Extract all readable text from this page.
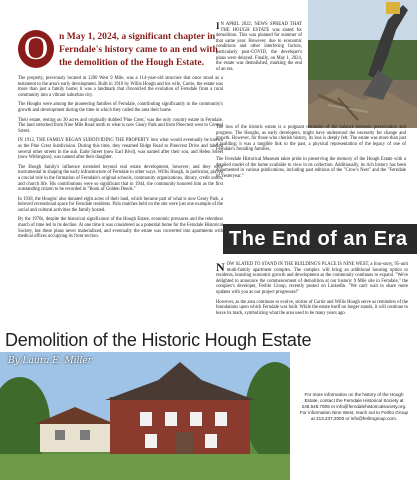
O	n May 1, 2024, a significant chapter in Ferndale's history came to an end with the demolition of the Hough Estate.

The property, previously located at 1200 West 9 Mile, was a 114-year-old structure that once stood as a testament to the area's early development. Built in 1910 by Willis Hough and his wife, Carrie, the estate was more than just a family home; it was a landmark that chronicled the evolution of Ferndale from a rural community into a vibrant suburban city.

The Houghs were among the pioneering families of Ferndale, contributing significantly to the community's growth and development during the time in which they called the area their home.

Their estate, resting on 30 acres and originally dubbed 'Pine Crest,' was the only country estate in Ferndale. The land stretched from Nine Mile Road north to what is now Geary Park and from Pinecrest west to Central Street.

IN 1912, THE FAMILY BEGAN SUBDIVIDING THE PROPERTY into what would eventually be known as the Pine Crest Subdivision. During this time, they renamed Ridge Road to Pinecrest Drive and labeled several other streets in the sub. Earle Street (now Earl Blvd), was named after their son, and Helen Street (now Withington), was named after their daughter.

The Hough family's influence extended beyond real estate development, however, and they were instrumental in shaping the early infrastructure of Ferndale in other ways. Willis Hough, in particular, played a crucial role in the formation of Ferndale's original schools, community organizations, library, credit union, and church life. His contributions were so significant that in 1944, the community honored him as the first outstanding citizen to be recorded in "Book of Golden Deeds."

In 1938, the Houghs' also donated eight acres of their land, which became part of what is now Geary Park, a beloved recreational space for Ferndale residents. Polo matches held on the site were just one example of the social and cultural activities the family hosted.

By the 1970s, despite the historical significance of the Hough Estate, economic pressures and the relentless march of time led to its decline. At one time it was considered as a potential home for the Ferndale Historical Society, but these plans never materialized, and eventually the estate was converted into apartments with medical offices occupying its front section.

I N APRIL 2022, NEWS SPREAD THAT THE HOUGH ESTATE was slated for demolition. This was planned for summer of that same year. However, due to economic conditions and other interfering factors, particularly post-COVID, the developer's plans were delayed. Finally, on May 1, 2024, the estate was demolished, marking the end of an era.

The loss of the historic estate is a poignant reminder of the balance between preservation and progress. The Houghs, as early developers, might have understood the necessity for change and growth. However, for those who cherish history, its loss is deeply felt. The estate was more than just a building; it was a tangible link to the past, a physical representation of the legacy of one of Ferndale's founding families.

The Ferndale Historical Museum takes pride in preserving the memory of the Hough Estate with a detailed model of the home available to view in its collection. Additionally, its rich history has been documented in various publications, including past editions of the "Crow's Nest" and the "Ferndale of Yesteryear."

The End of an Era
N OW SLATED TO STAND IN THE BUILDING'S PLACE IS NINE WEST, a four-story, 95-unit multi-family apartment complex. The complex will bring an additional housing option to residents, boosting economic growth and development as the community continues to expand. "We're delighted to announce the commencement of demolition at our historic 9 Mile site in Ferndale," the complex's developer, Ferlito Group, recently posted on LinkedIn. "We can't wait to share more updates with you as our project progresses!"

However, as the area continues to evolve, stories of Carrie and Willis Hough serve as reminders of the foundations upon which Ferndale was built. While the estate itself no longer stands, it will continue to leave its mark, symbolizing what the area used to be many years ago.

Demolition of the Historic Hough Estate
By Laura E. Miller
For more information on the history of the Hough Estate, contact the Ferndale Historical Society at 248.545.7606 or info@ferndalehistoricalsociety.org. For information Nine West, reach out to Ferlito Group at 313.237.2000 or info@ferlitogroup.com.
